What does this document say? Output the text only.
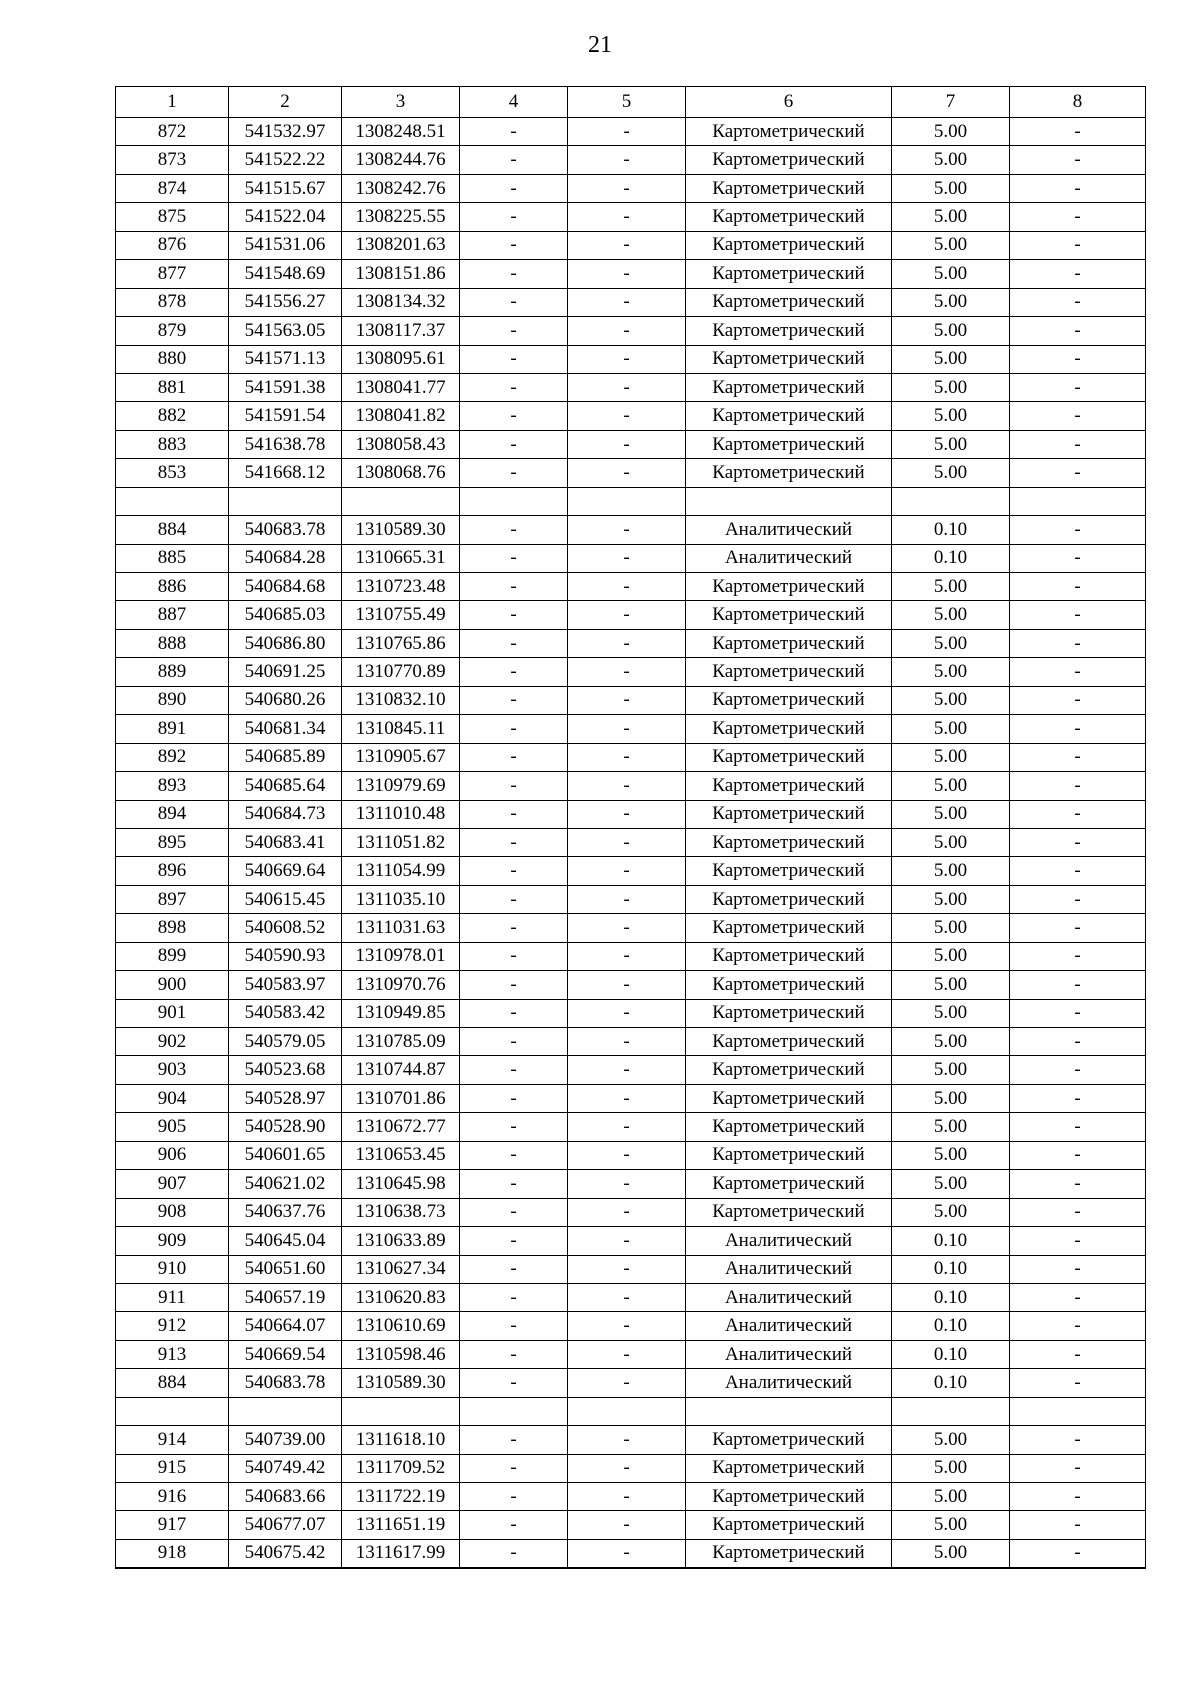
21
1	2	3	4	5	6	7	8
872	541532.97	1308248.51	-	-	Картометрический	5.00	-
873	541522.22	1308244.76	-	-	Картометрический	5.00	-
874	541515.67	1308242.76	-	-	Картометрический	5.00	-
875	541522.04	1308225.55	-	-	Картометрический	5.00	-
876	541531.06	1308201.63	-	-	Картометрический	5.00	-
877	541548.69	1308151.86	-	-	Картометрический	5.00	-
878	541556.27	1308134.32	-	-	Картометрический	5.00	-
879	541563.05	1308117.37	-	-	Картометрический	5.00	-
880	541571.13	1308095.61	-	-	Картометрический	5.00	-
881	541591.38	1308041.77	-	-	Картометрический	5.00	-
882	541591.54	1308041.82	-	-	Картометрический	5.00	-
883	541638.78	1308058.43	-	-	Картометрический	5.00	-
853	541668.12	1308068.76	-	-	Картометрический	5.00	-

884	540683.78	1310589.30	-	-	Аналитический	0.10	-
885	540684.28	1310665.31	-	-	Аналитический	0.10	-
886	540684.68	1310723.48	-	-	Картометрический	5.00	-
887	540685.03	1310755.49	-	-	Картометрический	5.00	-
888	540686.80	1310765.86	-	-	Картометрический	5.00	-
889	540691.25	1310770.89	-	-	Картометрический	5.00	-
890	540680.26	1310832.10	-	-	Картометрический	5.00	-
891	540681.34	1310845.11	-	-	Картометрический	5.00	-
892	540685.89	1310905.67	-	-	Картометрический	5.00	-
893	540685.64	1310979.69	-	-	Картометрический	5.00	-
894	540684.73	1311010.48	-	-	Картометрический	5.00	-
895	540683.41	1311051.82	-	-	Картометрический	5.00	-
896	540669.64	1311054.99	-	-	Картометрический	5.00	-
897	540615.45	1311035.10	-	-	Картометрический	5.00	-
898	540608.52	1311031.63	-	-	Картометрический	5.00	-
899	540590.93	1310978.01	-	-	Картометрический	5.00	-
900	540583.97	1310970.76	-	-	Картометрический	5.00	-
901	540583.42	1310949.85	-	-	Картометрический	5.00	-
902	540579.05	1310785.09	-	-	Картометрический	5.00	-
903	540523.68	1310744.87	-	-	Картометрический	5.00	-
904	540528.97	1310701.86	-	-	Картометрический	5.00	-
905	540528.90	1310672.77	-	-	Картометрический	5.00	-
906	540601.65	1310653.45	-	-	Картометрический	5.00	-
907	540621.02	1310645.98	-	-	Картометрический	5.00	-
908	540637.76	1310638.73	-	-	Картометрический	5.00	-
909	540645.04	1310633.89	-	-	Аналитический	0.10	-
910	540651.60	1310627.34	-	-	Аналитический	0.10	-
911	540657.19	1310620.83	-	-	Аналитический	0.10	-
912	540664.07	1310610.69	-	-	Аналитический	0.10	-
913	540669.54	1310598.46	-	-	Аналитический	0.10	-
884	540683.78	1310589.30	-	-	Аналитический	0.10	-

914	540739.00	1311618.10	-	-	Картометрический	5.00	-
915	540749.42	1311709.52	-	-	Картометрический	5.00	-
916	540683.66	1311722.19	-	-	Картометрический	5.00	-
917	540677.07	1311651.19	-	-	Картометрический	5.00	-
918	540675.42	1311617.99	-	-	Картометрический	5.00	-
